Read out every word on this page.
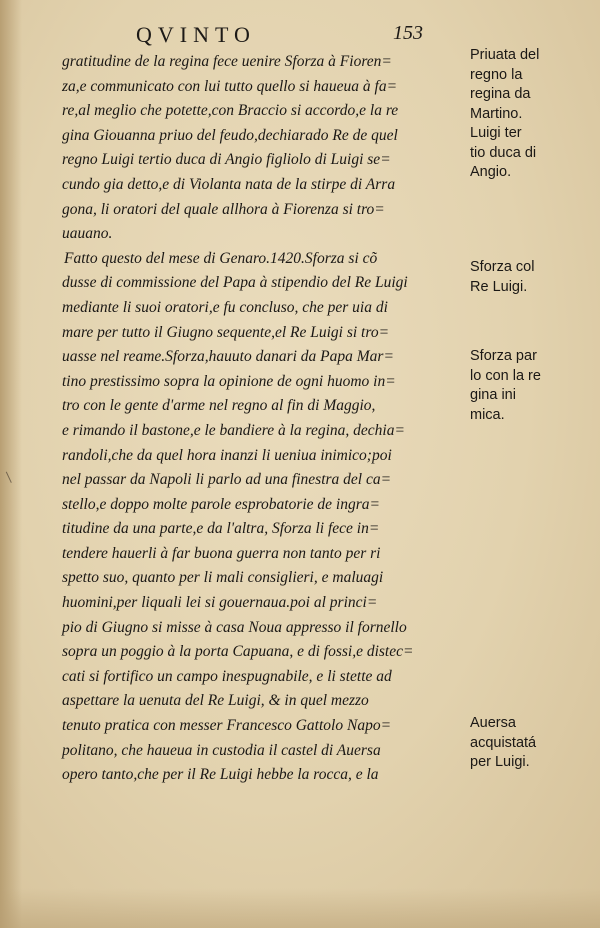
QVINTO	153
gratitudine de la regina fece uenire Sforza à Fioren=
za,e communicato con lui tutto quello si haueua à fa=
re,al meglio che potette,con Braccio si accordo,e la re
gina Giouanna priuo del feudo,dechiarado Re de quel
regno Luigi tertio duca di Angio figliolo di Luigi se=
cundo gia detto,e di Violanta nata de la stirpe di Arra
gona, li oratori del quale allhora à Fiorenza si tro=
uauano.
Fatto questo del mese di Genaro.1420.Sforza si cõ
dusse di commissione del Papa à stipendio del Re Luigi
mediante li suoi oratori,e fu concluso, che per uia di
mare per tutto il Giugno sequente,el Re Luigi si tro=
uasse nel reame.Sforza,hauuto danari da Papa Mar=
tino prestissimo sopra la opinione de ogni huomo in=
tro con le gente d'arme nel regno al fin di Maggio,
e rimando il bastone,e le bandiere à la regina, dechia=
randoli,che da quel hora inanzi li ueniua inimico;poi
nel passar da Napoli li parlo ad una finestra del ca=
stello,e doppo molte parole esprobatorie de ingra=
titudine da una parte,e da l'altra, Sforza li fece in=
tendere hauerli à far buona guerra non tanto per ri
spetto suo, quanto per li mali consiglieri, e maluagi
huomini,per liquali lei si gouernaua.poi al princi=
pio di Giugno si misse à casa Noua appresso il fornello
sopra un poggio à la porta Capuana, e di fossi,e distec=
cati si fortifico un campo inespugnabile, e li stette ad
aspettare la uenuta del Re Luigi, & in quel mezzo
tenuto pratica con messer Francesco Gattolo Napo=
politano, che haueua in custodia il castel di Auersa
opero tanto,che per il Re Luigi hebbe la rocca, e la
Priuata del
regno la
regina da
Martino.
Luigi ter
tio duca di
Angio.
Sforza col
Re Luigi.
Sforza par
lo con la re
gina ini
mica.
Auersa
acquistatá
per Luigi.
